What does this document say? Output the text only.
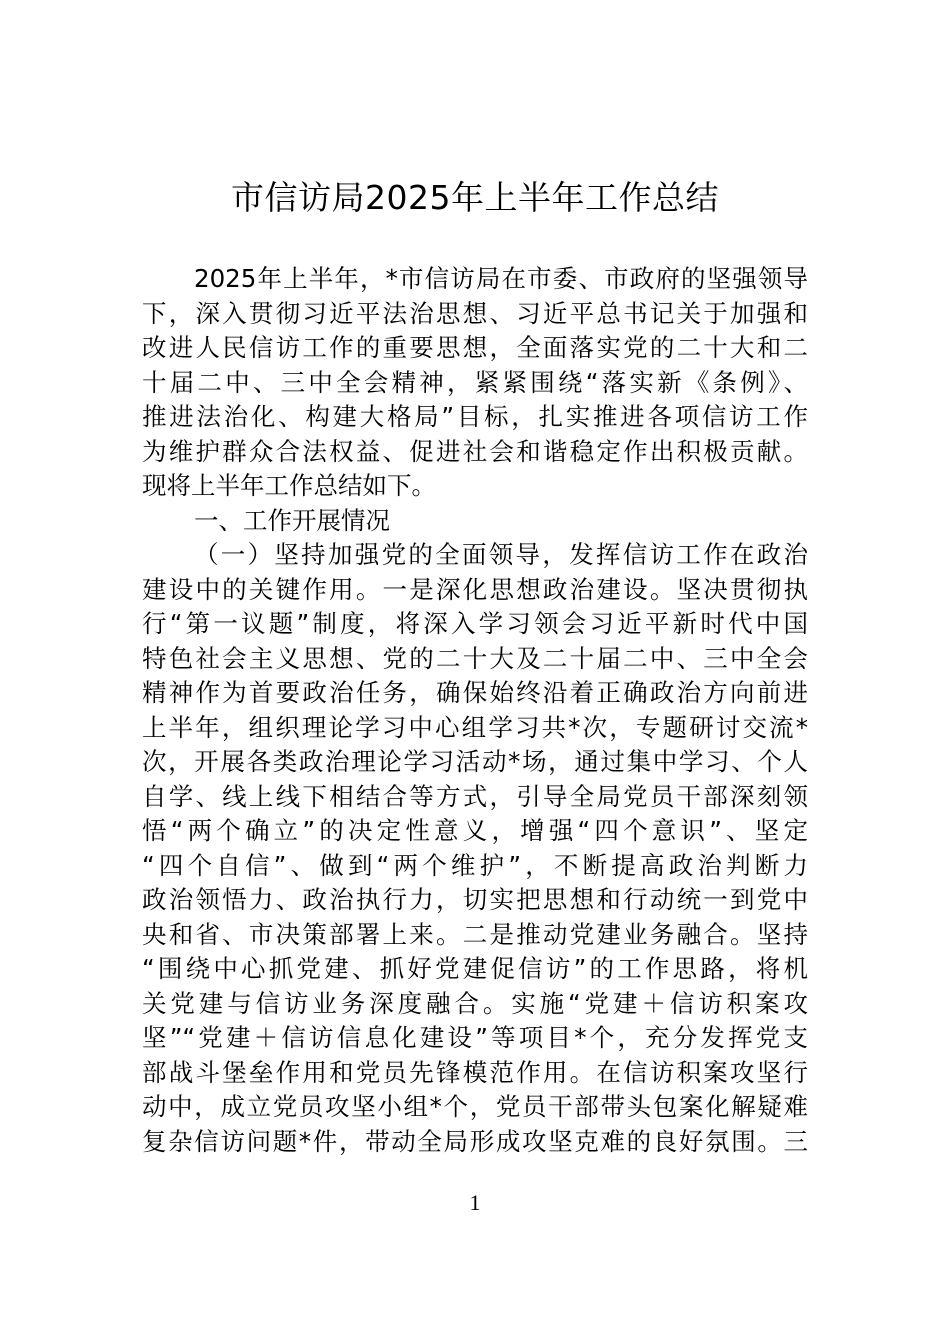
市信访局2025年上半年工作总结
2025年上半年，*市信访局在市委、市政府的坚强领导
下，深入贯彻习近平法治思想、习近平总书记关于加强和
改进人民信访工作的重要思想，全面落实党的二十大和二
十届二中、三中全会精神，紧紧围绕“落实新《条例》、
推进法治化、构建大格局”目标，扎实推进各项信访工作
为维护群众合法权益、促进社会和谐稳定作出积极贡献。
现将上半年工作总结如下。
一、工作开展情况
（一）坚持加强党的全面领导，发挥信访工作在政治
建设中的关键作用。一是深化思想政治建设。坚决贯彻执
行“第一议题”制度，将深入学习领会习近平新时代中国
特色社会主义思想、党的二十大及二十届二中、三中全会
精神作为首要政治任务，确保始终沿着正确政治方向前进
上半年，组织理论学习中心组学习共*次，专题研讨交流*
次，开展各类政治理论学习活动*场，通过集中学习、个人
自学、线上线下相结合等方式，引导全局党员干部深刻领
悟“两个确立”的决定性意义，增强“四个意识”、坚定
“四个自信”、做到“两个维护”，不断提高政治判断力
政治领悟力、政治执行力，切实把思想和行动统一到党中
央和省、市决策部署上来。二是推动党建业务融合。坚持
“围绕中心抓党建、抓好党建促信访”的工作思路，将机
关党建与信访业务深度融合。实施“党建＋信访积案攻
坚”“党建＋信访信息化建设”等项目*个，充分发挥党支
部战斗堡垒作用和党员先锋模范作用。在信访积案攻坚行
动中，成立党员攻坚小组*个，党员干部带头包案化解疑难
复杂信访问题*件，带动全局形成攻坚克难的良好氛围。三
1
